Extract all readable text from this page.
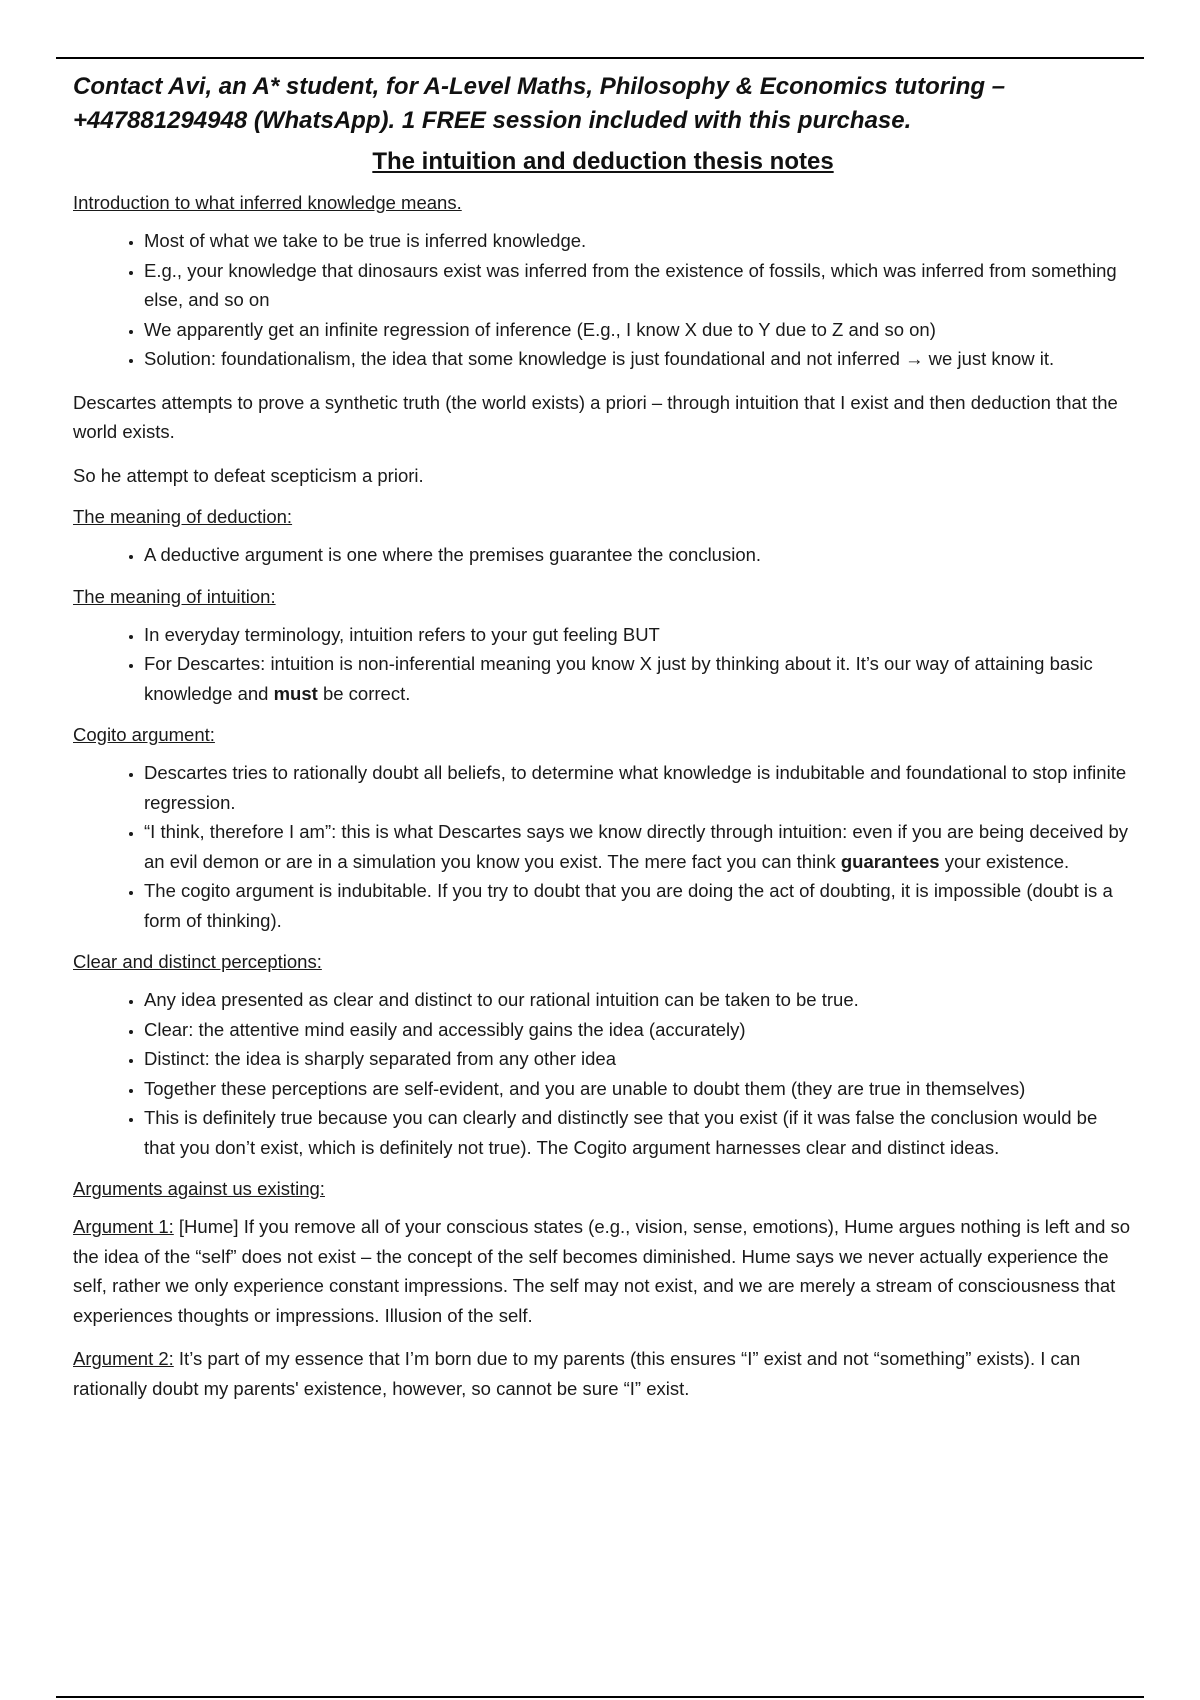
Contact Avi, an A* student, for A-Level Maths, Philosophy & Economics tutoring – +447881294948 (WhatsApp). 1 FREE session included with this purchase.

The intuition and deduction thesis notes
Introduction to what inferred knowledge means.
• Most of what we take to be true is inferred knowledge.
• E.g., your knowledge that dinosaurs exist was inferred from the existence of fossils, which was inferred from something else, and so on
• We apparently get an infinite regression of inference (E.g., I know X due to Y due to Z and so on)
• Solution: foundationalism, the idea that some knowledge is just foundational and not inferred → we just know it.

Descartes attempts to prove a synthetic truth (the world exists) a priori – through intuition that I exist and then deduction that the world exists.

So he attempt to defeat scepticism a priori.

The meaning of deduction:
• A deductive argument is one where the premises guarantee the conclusion.
The meaning of intuition:
• In everyday terminology, intuition refers to your gut feeling BUT
• For Descartes: intuition is non-inferential meaning you know X just by thinking about it. It’s our way of attaining basic knowledge and must be correct.
Cogito argument:
• Descartes tries to rationally doubt all beliefs, to determine what knowledge is indubitable and foundational to stop infinite regression.
• “I think, therefore I am”: this is what Descartes says we know directly through intuition: even if you are being deceived by an evil demon or are in a simulation you know you exist. The mere fact you can think guarantees your existence.
• The cogito argument is indubitable. If you try to doubt that you are doing the act of doubting, it is impossible (doubt is a form of thinking).
Clear and distinct perceptions:
• Any idea presented as clear and distinct to our rational intuition can be taken to be true.
• Clear: the attentive mind easily and accessibly gains the idea (accurately)
• Distinct: the idea is sharply separated from any other idea
• Together these perceptions are self-evident, and you are unable to doubt them (they are true in themselves)
• This is definitely true because you can clearly and distinctly see that you exist (if it was false the conclusion would be that you don’t exist, which is definitely not true). The Cogito argument harnesses clear and distinct ideas.
Arguments against us existing:

Argument 1: [Hume] If you remove all of your conscious states (e.g., vision, sense, emotions), Hume argues nothing is left and so the idea of the “self” does not exist – the concept of the self becomes diminished. Hume says we never actually experience the self, rather we only experience constant impressions. The self may not exist, and we are merely a stream of consciousness that experiences thoughts or impressions. Illusion of the self.

Argument 2: It’s part of my essence that I’m born due to my parents (this ensures “I” exist and not “something” exists). I can rationally doubt my parents' existence, however, so cannot be sure “I” exist.
